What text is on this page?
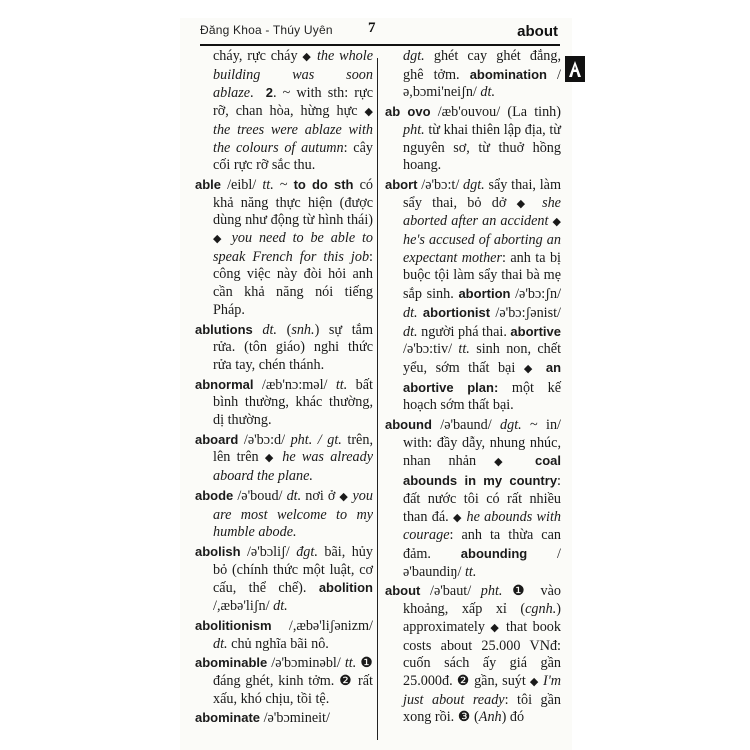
Đăng Khoa - Thúy Uyên 7	about
cháy, rực cháy ◆ the whole building was soon ablaze.  2. ~ with sth: rực rỡ, chan hòa, hừng hực ◆ the trees were ablaze with the colours of autumn: cây cối rực rỡ sắc thu.
able /eibl/ tt. ~ to do sth có khả năng thực hiện (được dùng như động từ hình thái) ◆ you need to be able to speak French for this job: công việc này đòi hỏi anh cần khả năng nói tiếng Pháp.
ablutions dt. (snh.) sự tắm rửa. (tôn giáo) nghi thức rửa tay, chén thánh.
abnormal /æb'nɔ:məl/ tt. bất bình thường, khác thường, dị thường.
aboard /ə'bɔ:d/ pht. / gt. trên, lên trên ◆ he was already aboard the plane.
abode /ə'boud/ dt. nơi ở ◆ you are most welcome to my humble abode.
abolish /ə'bɔliʃ/ đgt. bãi, hủy bỏ (chính thức một luật, cơ cấu, thể chế). abolition /,æbə'liʃn/ dt.
abolitionism /,æbə'liʃənizm/ dt. chủ nghĩa bãi nô.
abominable /ə'bɔminəbl/ tt. ❶ đáng ghét, kinh tởm. ❷ rất xấu, khó chịu, tồi tệ.
abominate /ə'bɔmineit/
dgt. ghét cay ghét đắng, ghê tởm. abomination /ə,bɔmi'neiʃn/ dt.
ab ovo /æb'ouvou/ (La tinh) pht. từ khai thiên lập địa, từ nguyên sơ, từ thuở hồng hoang.
abort /ə'bɔ:t/ dgt. sẩy thai, làm sẩy thai, bỏ dở ◆ she aborted after an accident ◆ he's accused of aborting an expectant mother: anh ta bị buộc tội làm sẩy thai bà mẹ sắp sinh. abortion /ə'bɔ:ʃn/ dt. abortionist /ə'bɔ:ʃənist/ dt. người phá thai. abortive /ə'bɔ:tiv/ tt. sinh non, chết yểu, sớm thất bại ◆ an abortive plan: một kế hoạch sớm thất bại.
abound /ə'baund/ dgt. ~ in/ with: đầy dẫy, nhung nhúc, nhan nhản ◆ coal abounds in my country: đất nước tôi có rất nhiều than đá. ◆ he abounds with courage: anh ta thừa can đảm. abounding /ə'baundiŋ/ tt.
about /ə'baut/ pht. ❶ vào khoảng, xấp xỉ (cgnh.) approximately ◆ that book costs about 25.000 VNđ: cuốn sách ấy giá gần 25.000đ. ❷ gần, suýt ◆ I'm just about ready: tôi gần xong rồi. ❸ (Anh) đó
